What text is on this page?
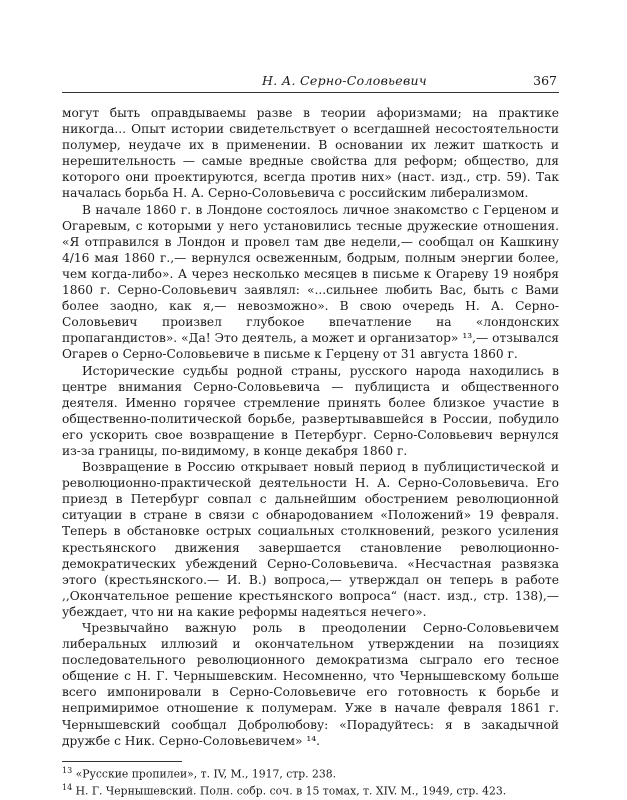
Н. А. Серно-Соловьевич	367

могут быть оправдываемы разве в теории афоризмами; на практике никогда... Опыт истории свидетельствует о всегдашней несостоятельности полумер, неудаче их в применении. В основании их лежит шаткость и нерешительность — самые вредные свойства для реформ; общество, для которого они проектируются, всегда против них» (наст. изд., стр. 59). Так началась борьба Н. А. Серно-Соловьевича с российским либерализмом.

В начале 1860 г. в Лондоне состоялось личное знакомство с Герценом и Огаревым, с которыми у него установились тесные дружеские отношения. «Я отправился в Лондон и провел там две недели,— сообщал он Кашкину 4/16 мая 1860 г.,— вернулся освеженным, бодрым, полным энергии более, чем когда-либо». А через несколько месяцев в письме к Огареву 19 ноября 1860 г. Серно-Соловьевич заявлял: «...сильнее любить Вас, быть с Вами более заодно, как я,— невозможно». В свою очередь Н. А. Серно-Соловьевич произвел глубокое впечатление на «лондонских пропагандистов». «Да! Это деятель, а может и организатор» ¹³,— отзывался Огарев о Серно-Соловьевиче в письме к Герцену от 31 августа 1860 г.

Исторические судьбы родной страны, русского народа находились в центре внимания Серно-Соловьевича — публициста и общественного деятеля. Именно горячее стремление принять более близкое участие в общественно-политической борьбе, развертывавшейся в России, побудило его ускорить свое возвращение в Петербург. Серно-Соловьевич вернулся из-за границы, по-видимому, в конце декабря 1860 г.

Возвращение в Россию открывает новый период в публицистической и революционно-практической деятельности Н. А. Серно-Соловьевича. Его приезд в Петербург совпал с дальнейшим обострением революционной ситуации в стране в связи с обнародованием «Положений» 19 февраля. Теперь в обстановке острых социальных столкновений, резкого усиления крестьянского движения завершается становление революционно-демократических убеждений Серно-Соловьевича. «Несчастная развязка этого (крестьянского.— И. В.) вопроса,— утверждал он теперь в работе ,,Окончательное решение крестьянского вопроса“ (наст. изд., стр. 138),— убеждает, что ни на какие реформы надеяться нечего».

Чрезвычайно важную роль в преодолении Серно-Соловьевичем либеральных иллюзий и окончательном утверждении на позициях последовательного революционного демократизма сыграло его тесное общение с Н. Г. Чернышевским. Несомненно, что Чернышевскому больше всего импонировали в Серно-Соловьевиче его готовность к борьбе и непримиримое отношение к полумерам. Уже в начале февраля 1861 г. Чернышевский сообщал Добролюбову: «Порадуйтесь: я в закадычной дружбе с Ник. Серно-Соловьевичем» ¹⁴.

$^{13}$ «Русские пропилеи», т. IV, М., 1917, стр. 238.

$^{14}$ Н. Г. Чернышевский. Полн. собр. соч. в 15 томах, т. XIV. М., 1949, стр. 423.
